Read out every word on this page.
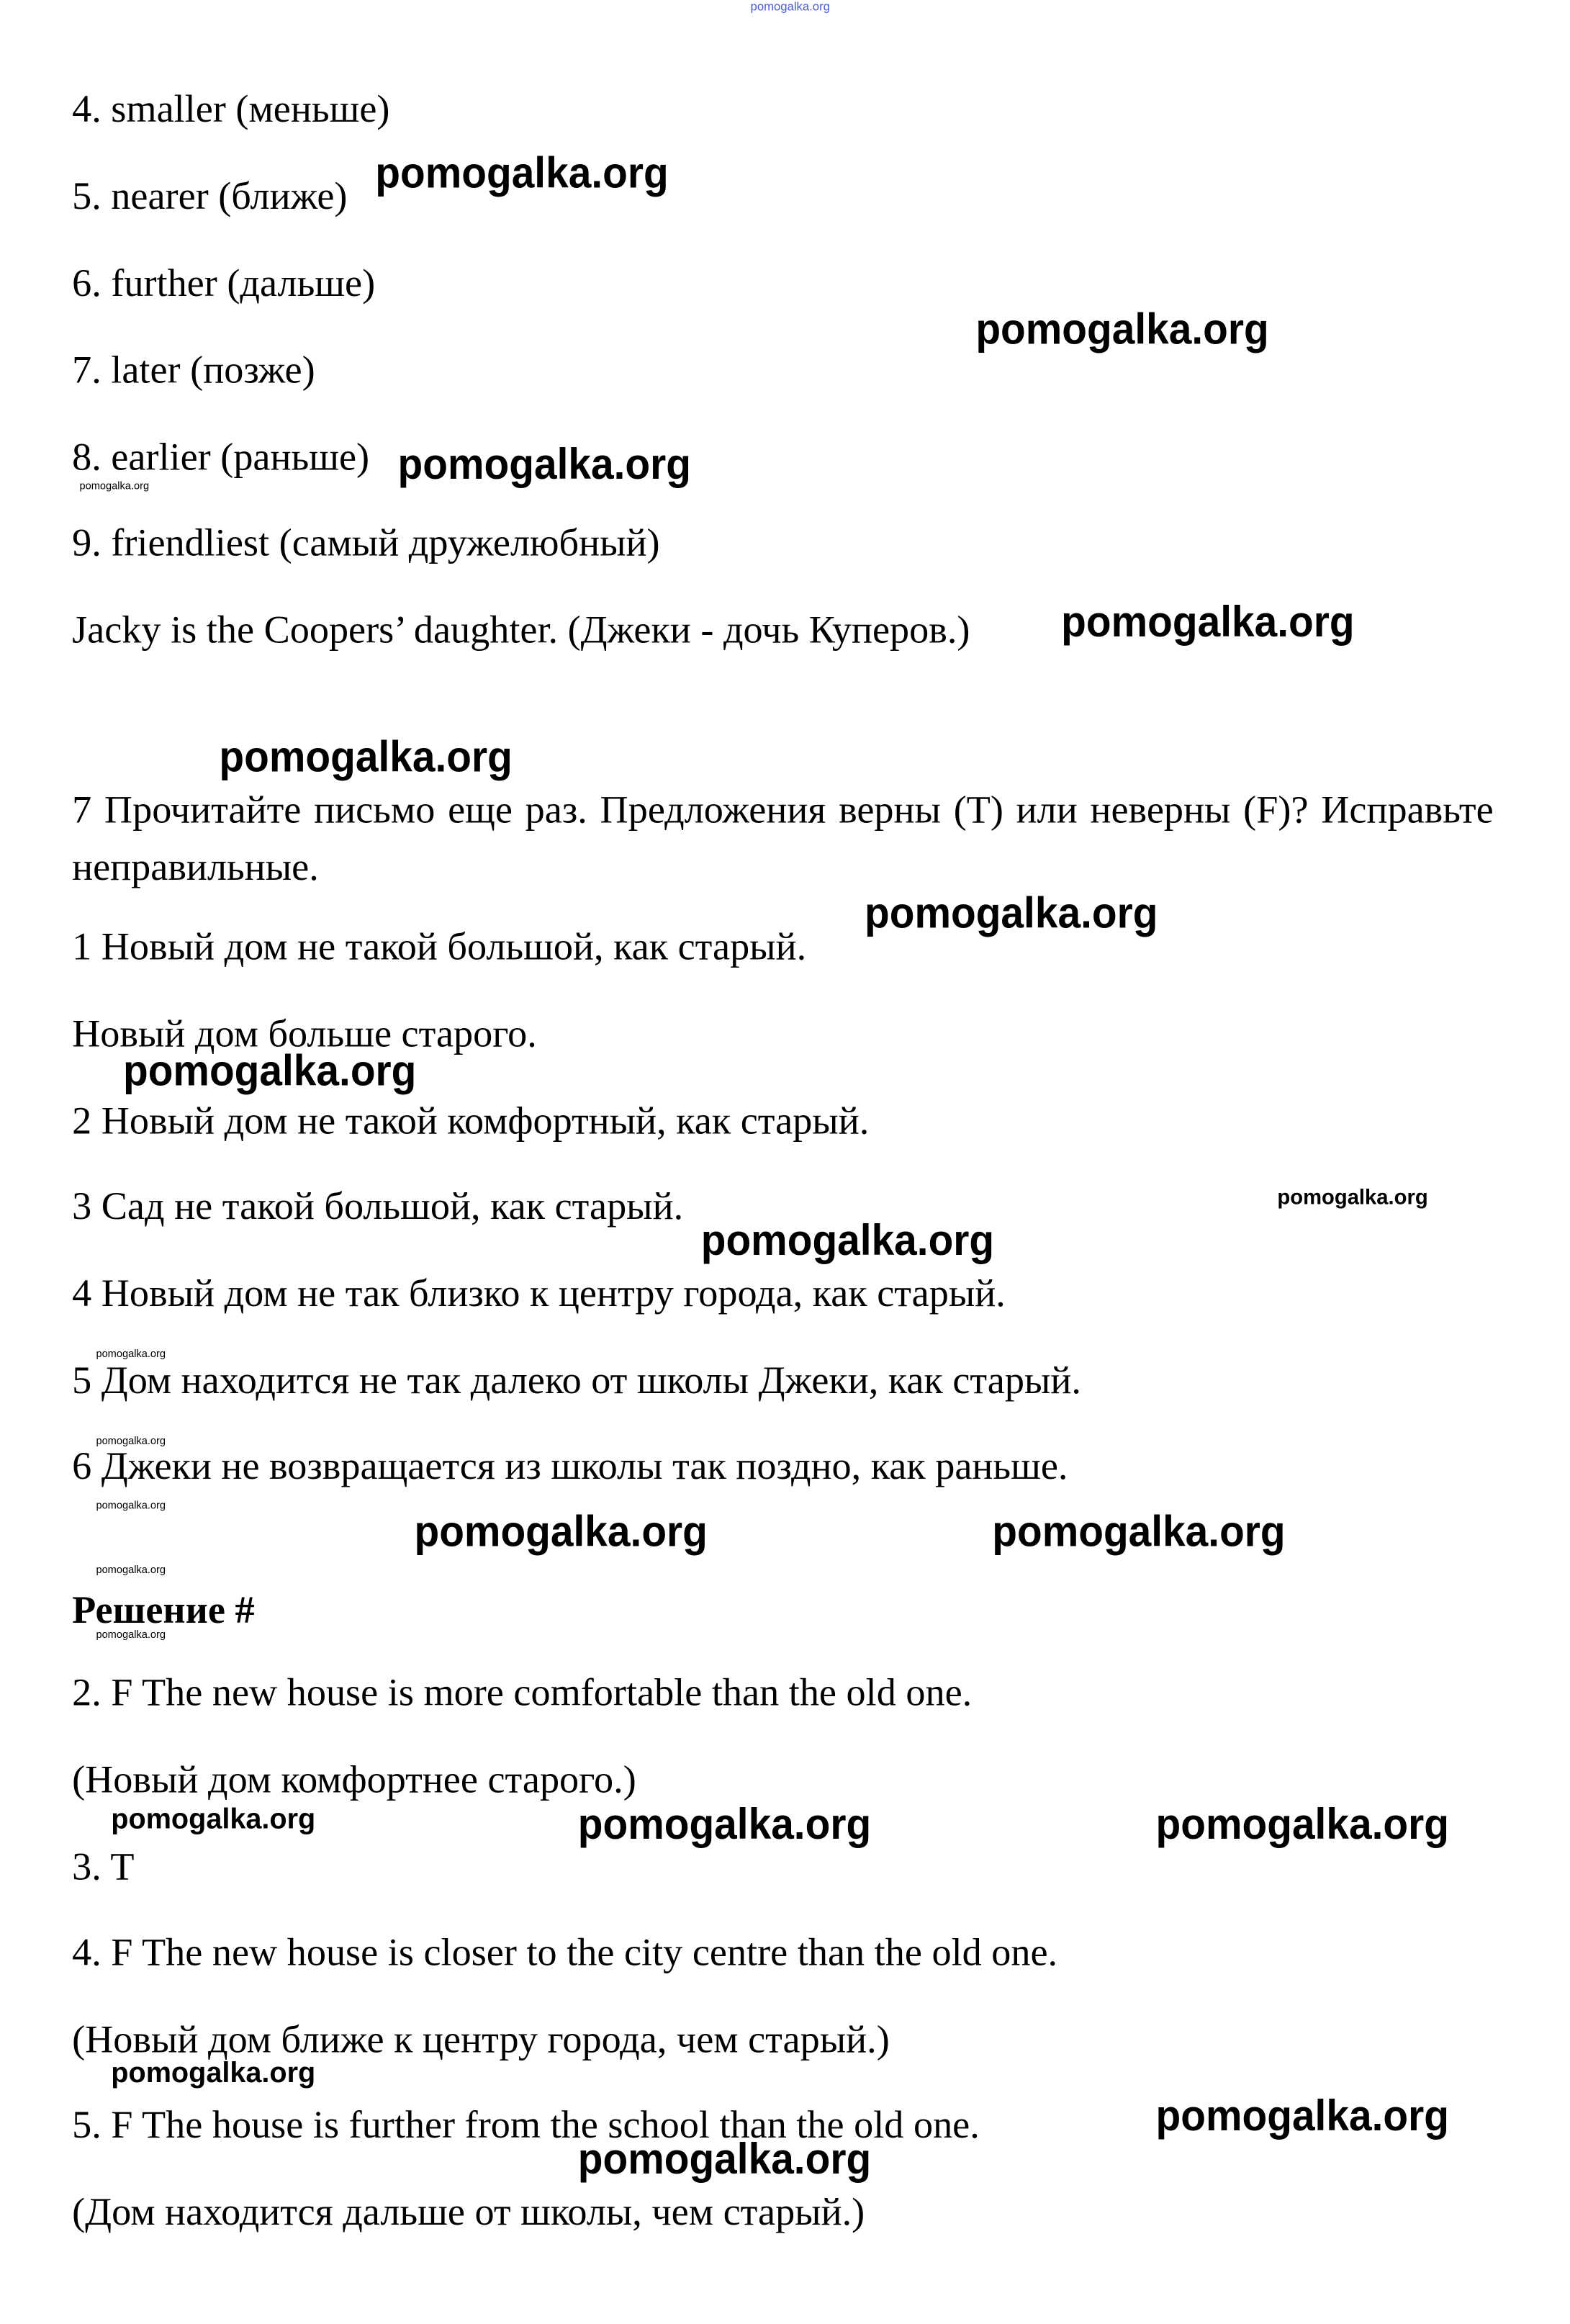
pomogalka.org
pomogalka.org
pomogalka.org
pomogalka.org
pomogalka.org
pomogalka.org
pomogalka.org
pomogalka.org
pomogalka.org
pomogalka.org
pomogalka.org
pomogalka.org
pomogalka.org
pomogalka.org
pomogalka.org	pomogalka.org
pomogalka.org
pomogalka.org
pomogalka.org	pomogalka.org	pomogalka.org
pomogalka.org
pomogalka.org
pomogalka.org
4. smaller (меньше)
5. nearer (ближе)
6. further (дальше)
7. later (позже)
8. earlier (раньше)
9. friendliest (самый дружелюбный)
Jacky is the Coopers’ daughter. (Джеки - дочь Куперов.)
7 Прочитайте письмо еще раз. Предложения верны (T) или неверны (F)? Исправьте неправильные.
1 Новый дом не такой большой, как старый.
Новый дом больше старого.
2 Новый дом не такой комфортный, как старый.
3 Сад не такой большой, как старый.
4 Новый дом не так близко к центру города, как старый.
5 Дом находится не так далеко от школы Джеки, как старый.
6 Джеки не возвращается из школы так поздно, как раньше.
Решение #
2. F The new house is more comfortable than the old one.
(Новый дом комфортнее старого.)
3. T
4. F The new house is closer to the city centre than the old one.
(Новый дом ближе к центру города, чем старый.)
5. F The house is further from the school than the old one.
(Дом находится дальше от школы, чем старый.)
